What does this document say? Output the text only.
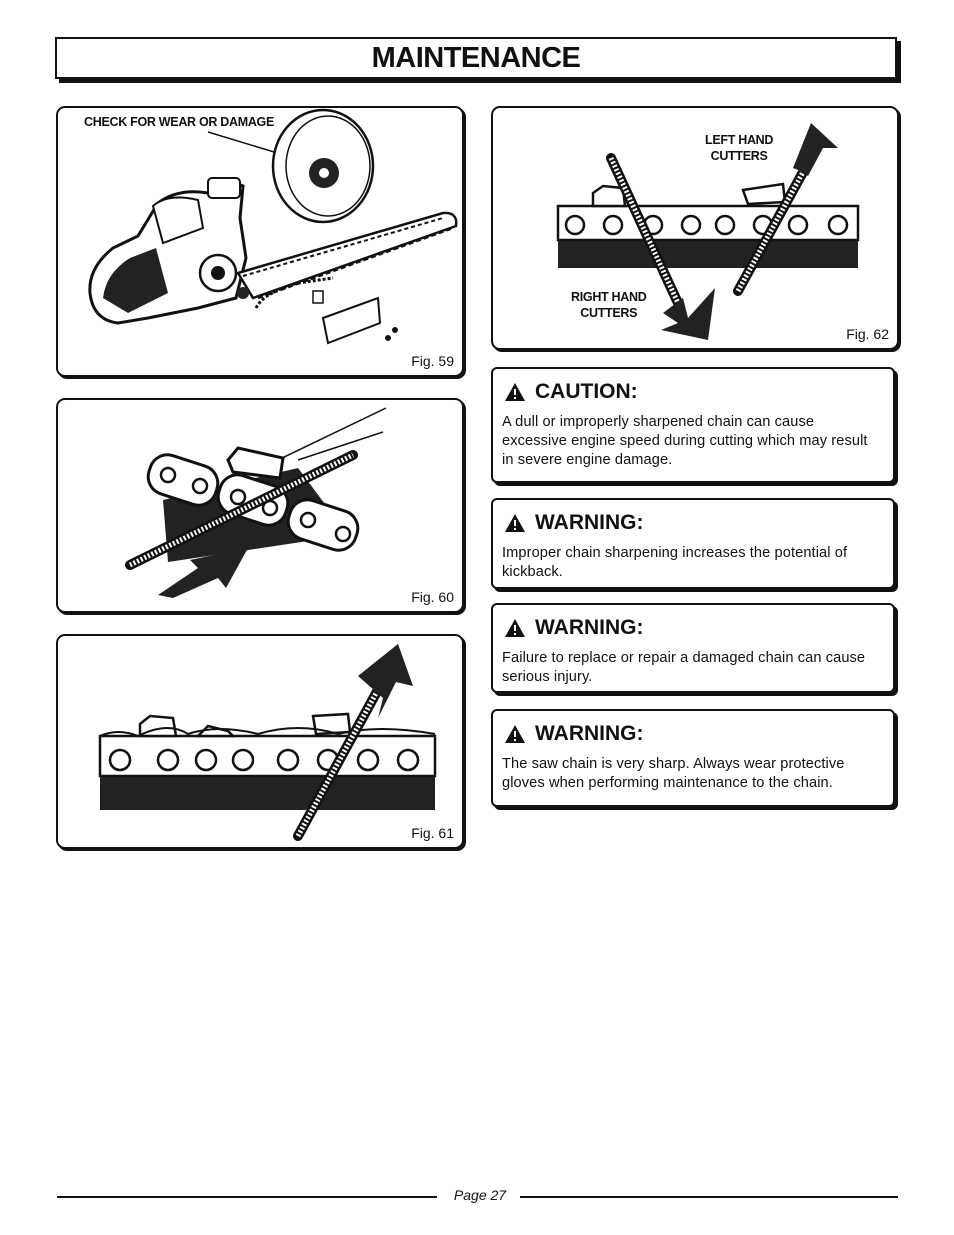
MAINTENANCE
CHECK FOR WEAR OR DAMAGE
Fig. 59
Fig. 60
Fig. 61
LEFT HAND
CUTTERS
RIGHT HAND
CUTTERS
Fig. 62
CAUTION:

A dull or improperly sharpened chain can cause excessive engine speed during cutting which may result in severe engine damage.

WARNING:

Improper chain sharpening increases the potential of kickback.

WARNING:

Failure to replace or repair a damaged chain can cause serious injury.

WARNING:

The saw chain is very sharp. Always wear protective gloves when performing maintenance to the chain.

Page 27
